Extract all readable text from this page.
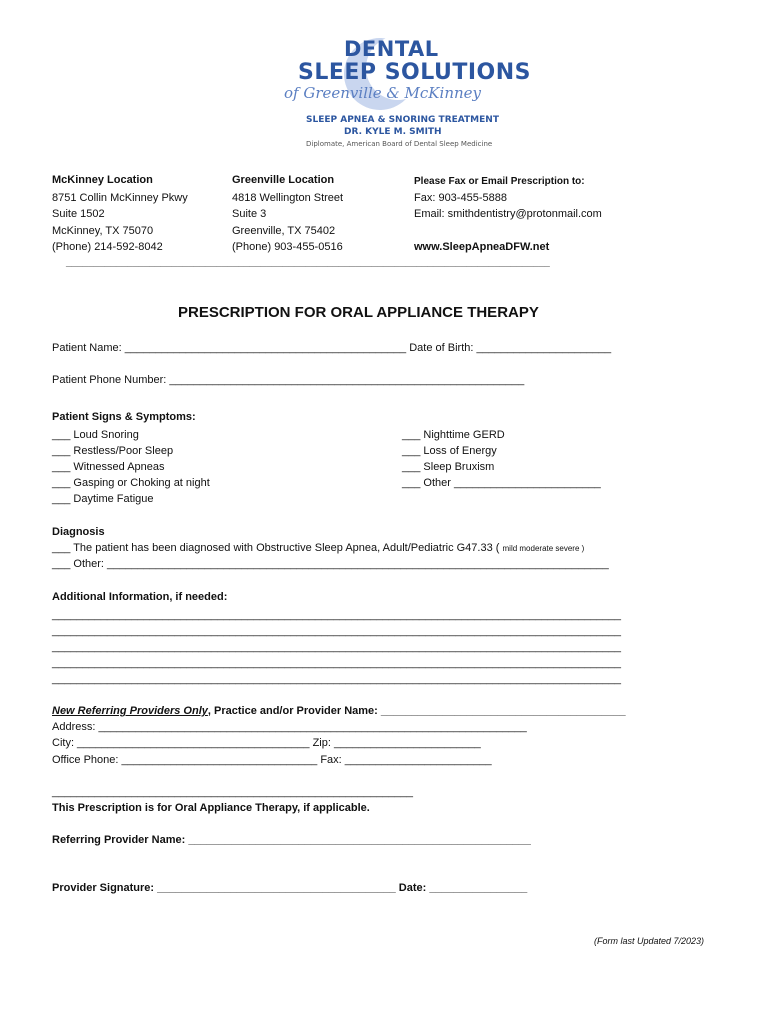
DENTAL
SLEEP SOLUTIONS
of Greenville & McKinney
SLEEP APNEA & SNORING TREATMENT
DR. KYLE M. SMITH
Diplomate, American Board of Dental Sleep Medicine
McKinney Location
8751 Collin McKinney Pkwy
Suite 1502
McKinney, TX 75070
(Phone) 214-592-8042
Greenville Location
4818 Wellington Street
Suite 3
Greenville, TX 75402
(Phone) 903-455-0516
Please Fax or Email Prescription to:
Fax: 903-455-5888
Email: smithdentistry@protonmail.com
www.SleepApneaDFW.net
_______________________________________________________________________________________
PRESCRIPTION FOR ORAL APPLIANCE THERAPY
Patient Name: ______________________________________________ Date of Birth: ______________________
Patient Phone Number: __________________________________________________________
Patient Signs & Symptoms:
___ Loud Snoring
___ Restless/Poor Sleep
___ Witnessed Apneas
___ Gasping or Choking at night
___ Daytime Fatigue
___ Nighttime GERD
___ Loss of Energy
___ Sleep Bruxism
___ Other ________________________
Diagnosis
___ The patient has been diagnosed with Obstructive Sleep Apnea, Adult/Pediatric G47.33 ( mild moderate severe )
___ Other: __________________________________________________________________________________
Additional Information, if needed:
_____________________________________________________________________________________________
_____________________________________________________________________________________________
_____________________________________________________________________________________________
_____________________________________________________________________________________________
_____________________________________________________________________________________________
New Referring Providers Only, Practice and/or Provider Name: ________________________________________
Address: ______________________________________________________________________
City: ______________________________________ Zip: ________________________
Office Phone: ________________________________ Fax: ________________________
___________________________________________________________
This Prescription is for Oral Appliance Therapy, if applicable.
Referring Provider Name: ________________________________________________________
Provider Signature: _______________________________________ Date: ________________
(Form last Updated 7/2023)
